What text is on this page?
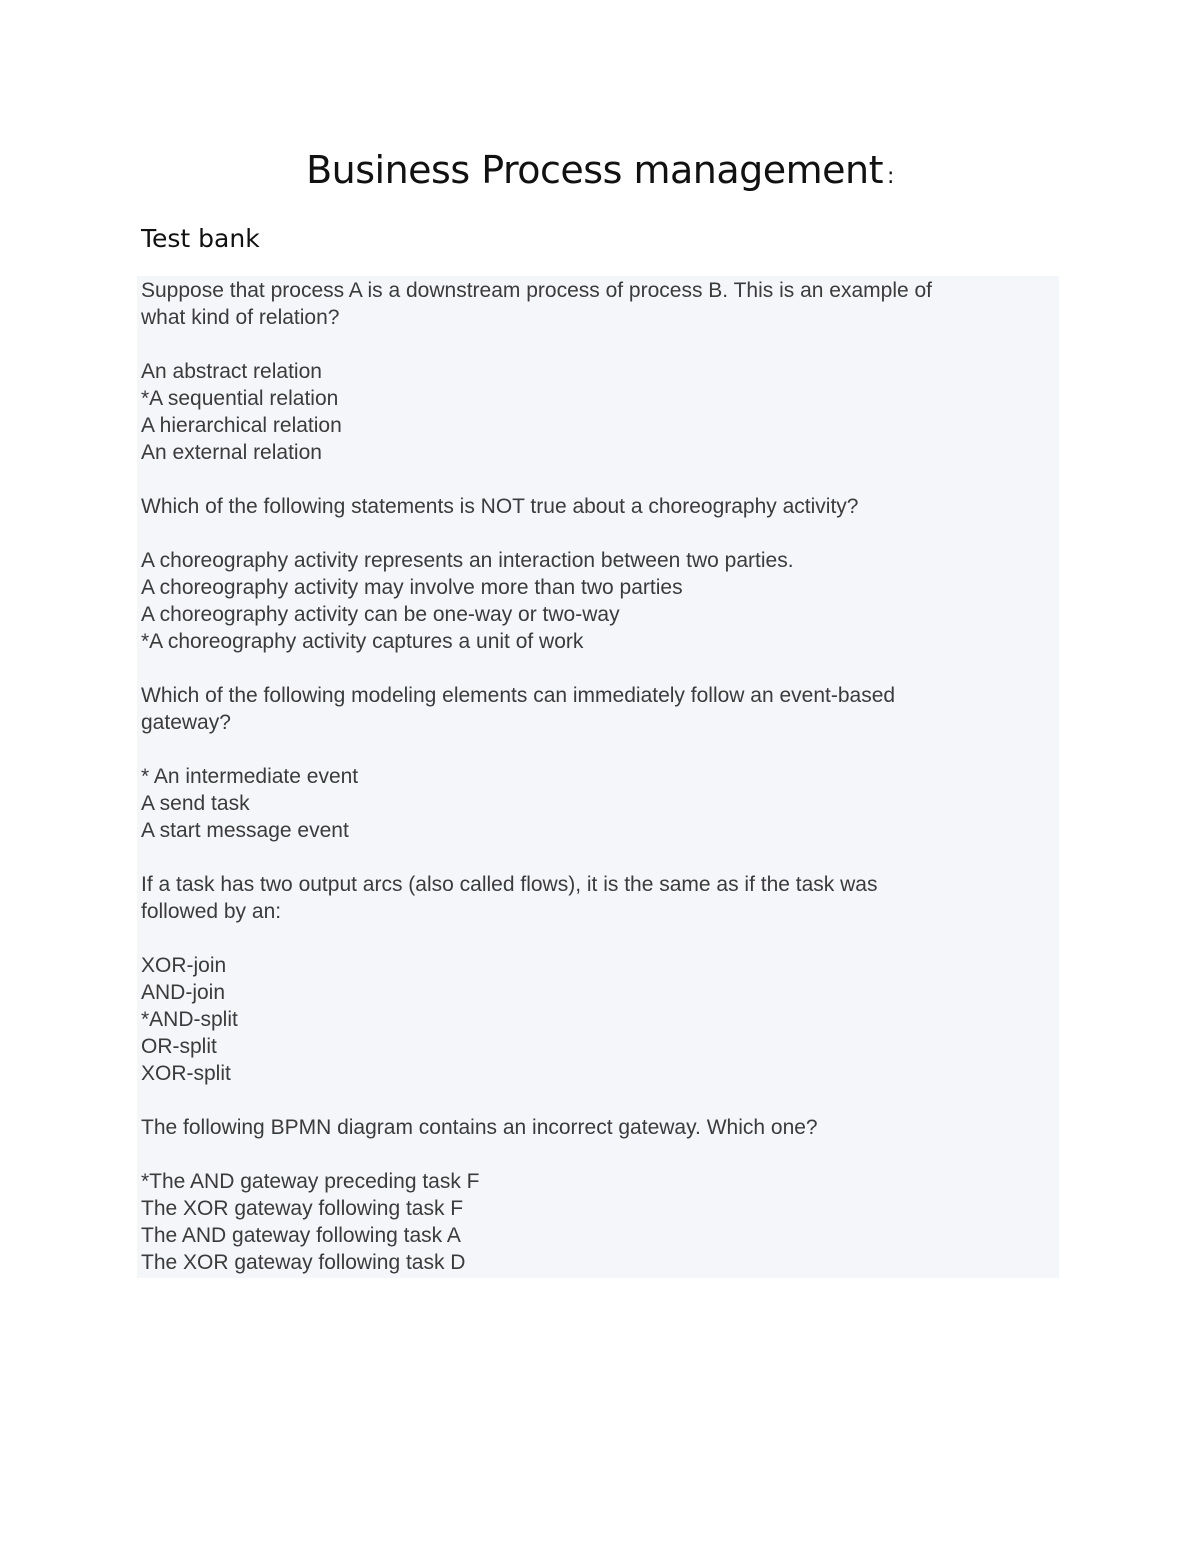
Business Process management :
Test bank
Suppose that process A is a downstream process of process B. This is an example of
what kind of relation?
An abstract relation
*A sequential relation
A hierarchical relation
An external relation
Which of the following statements is NOT true about a choreography activity?
A choreography activity represents an interaction between two parties.
A choreography activity may involve more than two parties
A choreography activity can be one-way or two-way
*A choreography activity captures a unit of work
Which of the following modeling elements can immediately follow an event-based
gateway?
* An intermediate event
A send task
A start message event
If a task has two output arcs (also called flows), it is the same as if the task was
followed by an:
XOR-join
AND-join
*AND-split
OR-split
XOR-split
The following BPMN diagram contains an incorrect gateway. Which one?
*The AND gateway preceding task F
The XOR gateway following task F
The AND gateway following task A
The XOR gateway following task D
